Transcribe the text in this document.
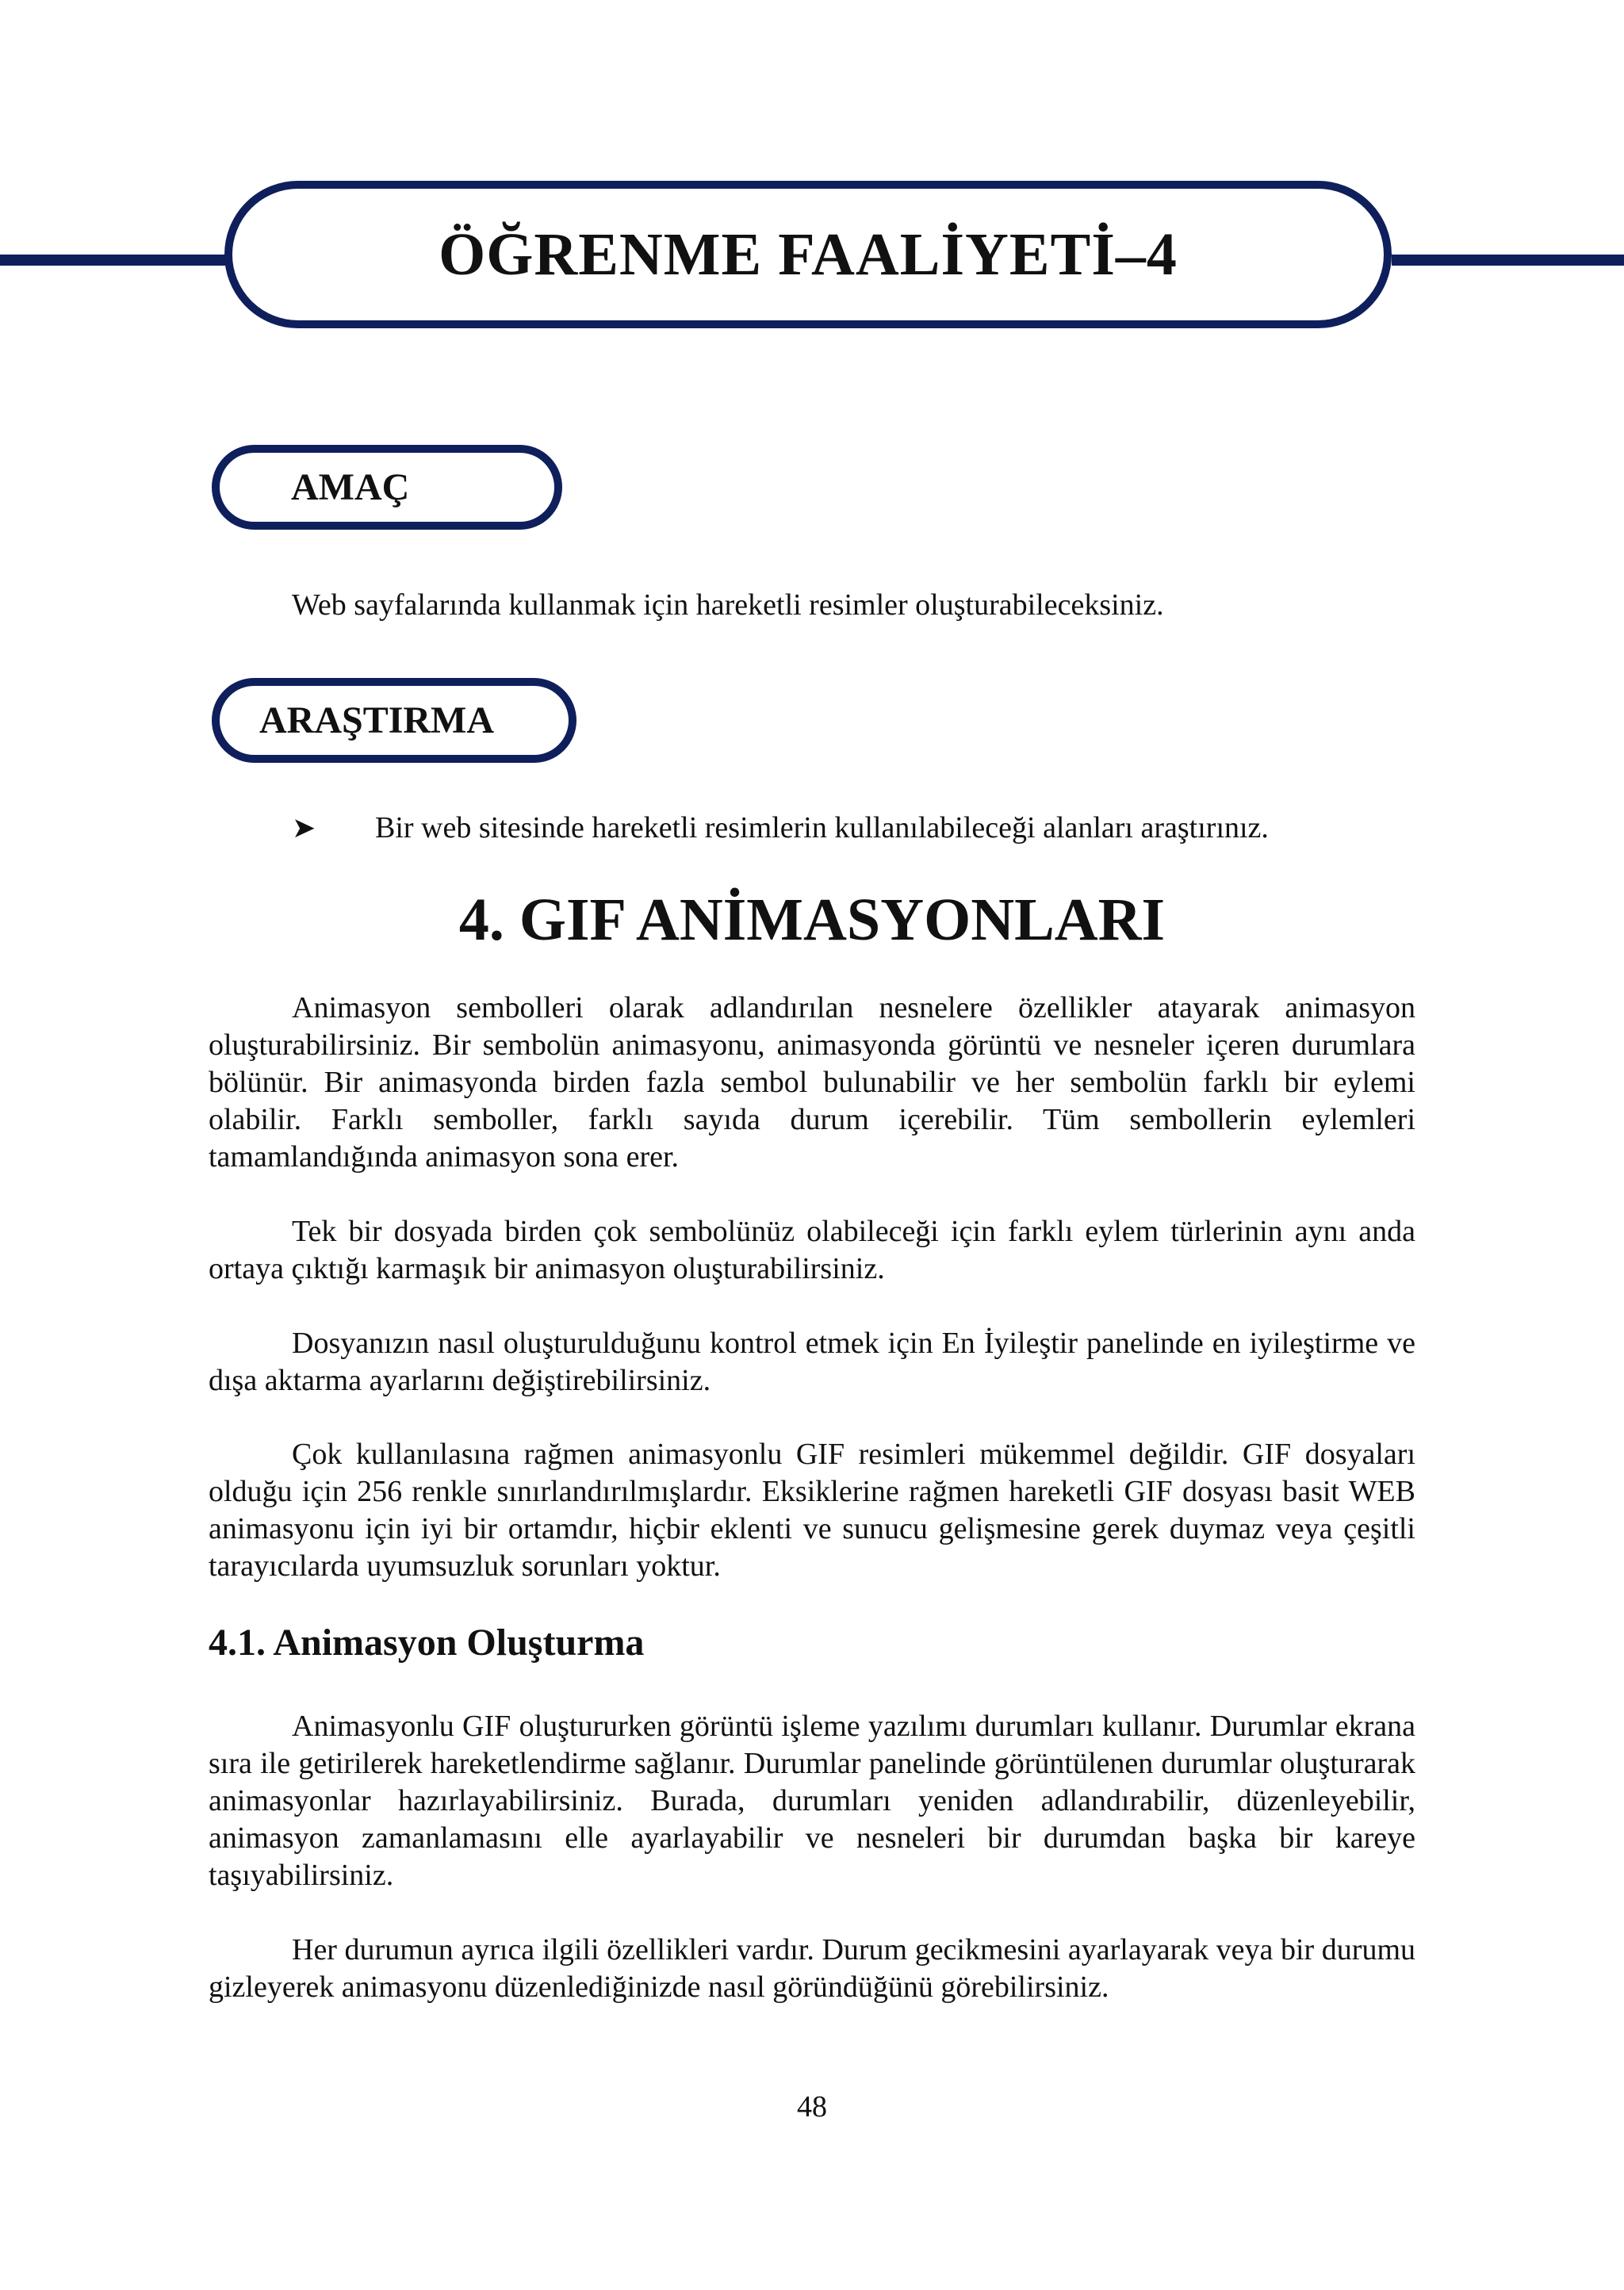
ÖĞRENME FAALİYETİ–4
AMAÇ
Web sayfalarında kullanmak için hareketli resimler oluşturabileceksiniz.
ARAŞTIRMA
➤	Bir web sitesinde hareketli resimlerin kullanılabileceği alanları araştırınız.
4. GIF ANİMASYONLARI

Animasyon sembolleri olarak adlandırılan nesnelere özellikler atayarak animasyon oluşturabilirsiniz. Bir sembolün animasyonu, animasyonda görüntü ve nesneler içeren durumlara bölünür. Bir animasyonda birden fazla sembol bulunabilir ve her sembolün farklı bir eylemi olabilir. Farklı semboller, farklı sayıda durum içerebilir. Tüm sembollerin eylemleri tamamlandığında animasyon sona erer.

Tek bir dosyada birden çok sembolünüz olabileceği için farklı eylem türlerinin aynı anda ortaya çıktığı karmaşık bir animasyon oluşturabilirsiniz.

Dosyanızın nasıl oluşturulduğunu kontrol etmek için En İyileştir panelinde en iyileştirme ve dışa aktarma ayarlarını değiştirebilirsiniz.

Çok kullanılasına rağmen animasyonlu GIF resimleri mükemmel değildir. GIF dosyaları olduğu için 256 renkle sınırlandırılmışlardır. Eksiklerine rağmen hareketli GIF dosyası basit WEB animasyonu için iyi bir ortamdır, hiçbir eklenti ve sunucu gelişmesine gerek duymaz veya çeşitli tarayıcılarda uyumsuzluk sorunları yoktur.

4.1. Animasyon Oluşturma

Animasyonlu GIF oluştururken görüntü işleme yazılımı durumları kullanır. Durumlar ekrana sıra ile getirilerek hareketlendirme sağlanır. Durumlar panelinde görüntülenen durumlar oluşturarak animasyonlar hazırlayabilirsiniz. Burada, durumları yeniden adlandırabilir, düzenleyebilir, animasyon zamanlamasını elle ayarlayabilir ve nesneleri bir durumdan başka bir kareye taşıyabilirsiniz.

Her durumun ayrıca ilgili özellikleri vardır. Durum gecikmesini ayarlayarak veya bir durumu gizleyerek animasyonu düzenlediğinizde nasıl göründüğünü görebilirsiniz.

48
